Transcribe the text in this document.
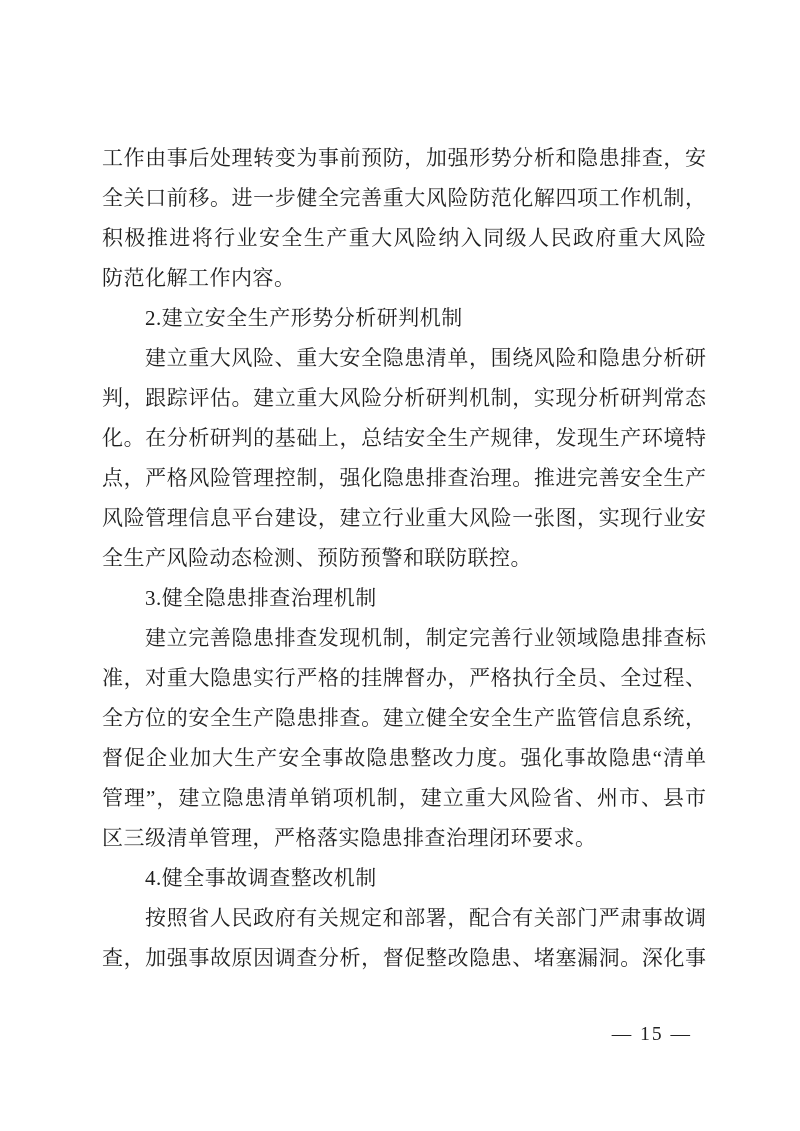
工作由事后处理转变为事前预防，加强形势分析和隐患排查，安
全关口前移。进一步健全完善重大风险防范化解四项工作机制，
积极推进将行业安全生产重大风险纳入同级人民政府重大风险
防范化解工作内容。
2.建立安全生产形势分析研判机制
建立重大风险、重大安全隐患清单，围绕风险和隐患分析研
判，跟踪评估。建立重大风险分析研判机制，实现分析研判常态
化。在分析研判的基础上，总结安全生产规律，发现生产环境特
点，严格风险管理控制，强化隐患排查治理。推进完善安全生产
风险管理信息平台建设，建立行业重大风险一张图，实现行业安
全生产风险动态检测、预防预警和联防联控。
3.健全隐患排查治理机制
建立完善隐患排查发现机制，制定完善行业领域隐患排查标
准，对重大隐患实行严格的挂牌督办，严格执行全员、全过程、
全方位的安全生产隐患排查。建立健全安全生产监管信息系统，
督促企业加大生产安全事故隐患整改力度。强化事故隐患“清单
管理”，建立隐患清单销项机制，建立重大风险省、州市、县市
区三级清单管理，严格落实隐患排查治理闭环要求。
4.健全事故调查整改机制
按照省人民政府有关规定和部署，配合有关部门严肃事故调
查，加强事故原因调查分析，督促整改隐患、堵塞漏洞。深化事
— 15 —
